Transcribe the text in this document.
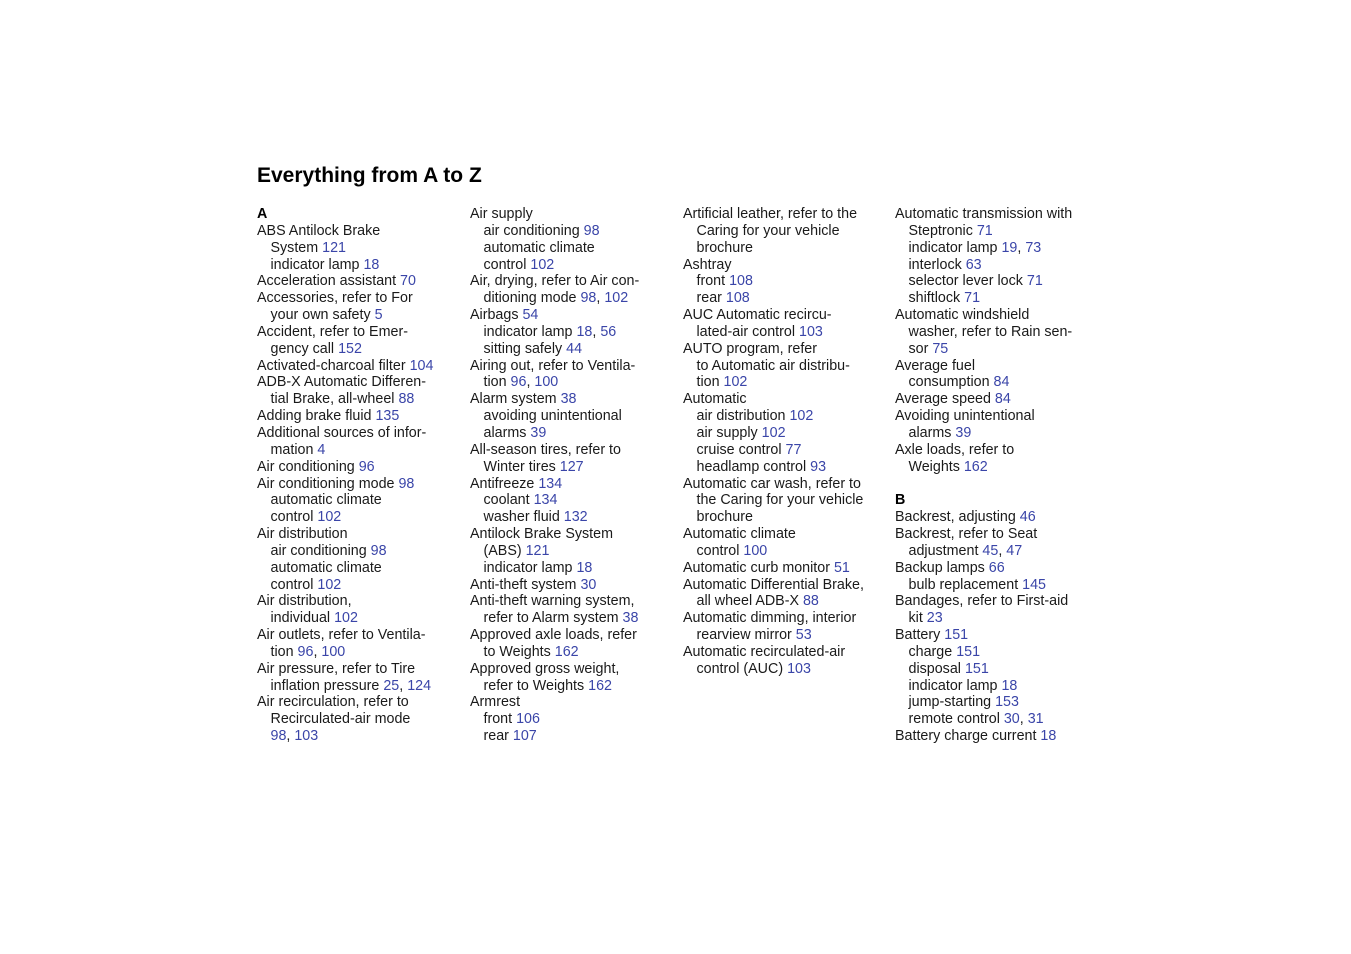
Everything from A to Z
A
ABS Antilock Brake
System 121
indicator lamp 18
Acceleration assistant 70
Accessories, refer to For
your own safety 5
Accident, refer to Emer-
gency call 152
Activated-charcoal filter 104
ADB-X Automatic Differen-
tial Brake, all-wheel 88
Adding brake fluid 135
Additional sources of infor-
mation 4
Air conditioning 96
Air conditioning mode 98
automatic climate
control 102
Air distribution
air conditioning 98
automatic climate
control 102
Air distribution,
individual 102
Air outlets, refer to Ventila-
tion 96, 100
Air pressure, refer to Tire
inflation pressure 25, 124
Air recirculation, refer to
Recirculated-air mode
98, 103
Air supply
air conditioning 98
automatic climate
control 102
Air, drying, refer to Air con-
ditioning mode 98, 102
Airbags 54
indicator lamp 18, 56
sitting safely 44
Airing out, refer to Ventila-
tion 96, 100
Alarm system 38
avoiding unintentional
alarms 39
All-season tires, refer to
Winter tires 127
Antifreeze 134
coolant 134
washer fluid 132
Antilock Brake System
(ABS) 121
indicator lamp 18
Anti-theft system 30
Anti-theft warning system,
refer to Alarm system 38
Approved axle loads, refer
to Weights 162
Approved gross weight,
refer to Weights 162
Armrest
front 106
rear 107
Artificial leather, refer to the
Caring for your vehicle
brochure
Ashtray
front 108
rear 108
AUC Automatic recircu-
lated-air control 103
AUTO program, refer
to Automatic air distribu-
tion 102
Automatic
air distribution 102
air supply 102
cruise control 77
headlamp control 93
Automatic car wash, refer to
the Caring for your vehicle
brochure
Automatic climate
control 100
Automatic curb monitor 51
Automatic Differential Brake,
all wheel ADB-X 88
Automatic dimming, interior
rearview mirror 53
Automatic recirculated-air
control (AUC) 103
Automatic transmission with
Steptronic 71
indicator lamp 19, 73
interlock 63
selector lever lock 71
shiftlock 71
Automatic windshield
washer, refer to Rain sen-
sor 75
Average fuel
consumption 84
Average speed 84
Avoiding unintentional
alarms 39
Axle loads, refer to
Weights 162
B
Backrest, adjusting 46
Backrest, refer to Seat
adjustment 45, 47
Backup lamps 66
bulb replacement 145
Bandages, refer to First-aid
kit 23
Battery 151
charge 151
disposal 151
indicator lamp 18
jump-starting 153
remote control 30, 31
Battery charge current 18
